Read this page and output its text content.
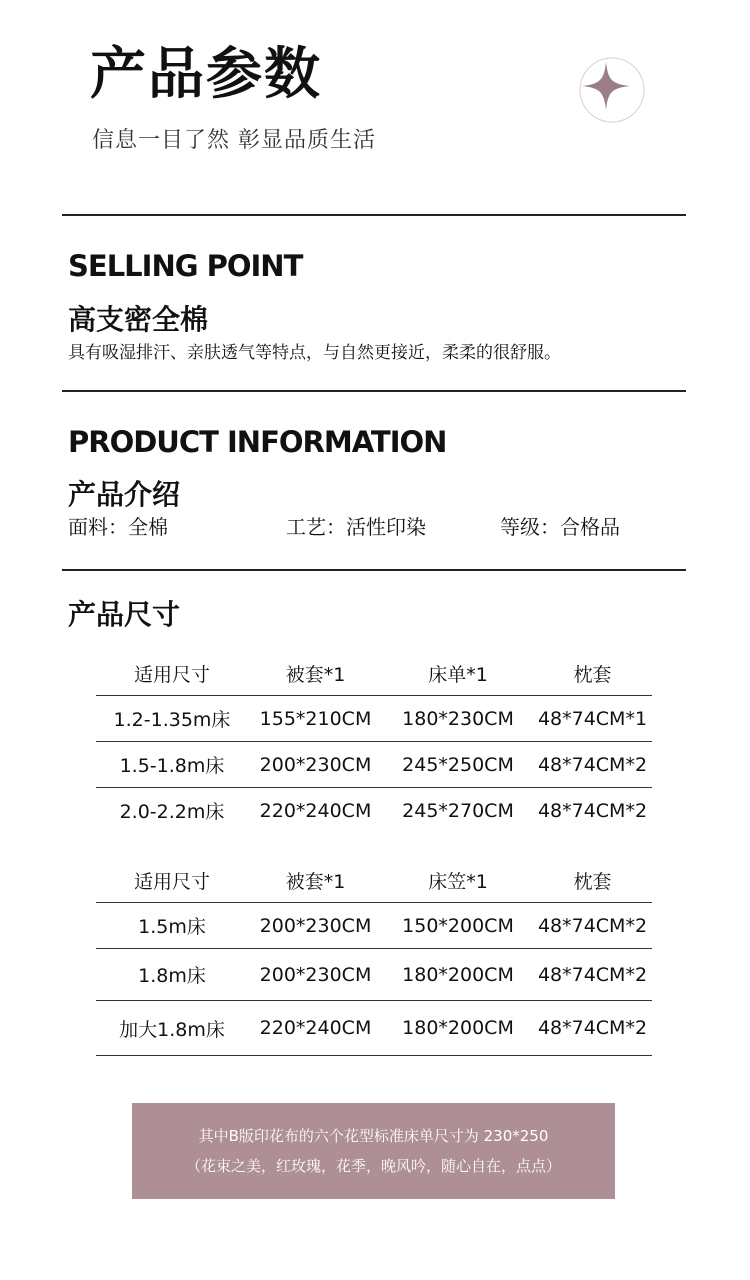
产品参数
信息一目了然 彰显品质生活
SELLING POINT
高支密全棉
具有吸湿排汗、亲肤透气等特点，与自然更接近，柔柔的很舒服。
PRODUCT INFORMATION
产品介绍
面料：全棉	工艺：活性印染	等级：合格品
产品尺寸
适用尺寸	被套*1	床单*1	枕套
1.2-1.35m床	155*210CM	180*230CM	48*74CM*1
1.5-1.8m床	200*230CM	245*250CM	48*74CM*2
2.0-2.2m床	220*240CM	245*270CM	48*74CM*2
适用尺寸	被套*1	床笠*1	枕套
1.5m床	200*230CM	150*200CM	48*74CM*2
1.8m床	200*230CM	180*200CM	48*74CM*2
加大1.8m床	220*240CM	180*200CM	48*74CM*2
其中B版印花布的六个花型标准床单尺寸为 230*250
（花束之美，红玫瑰，花季，晚风吟，随心自在，点点）
